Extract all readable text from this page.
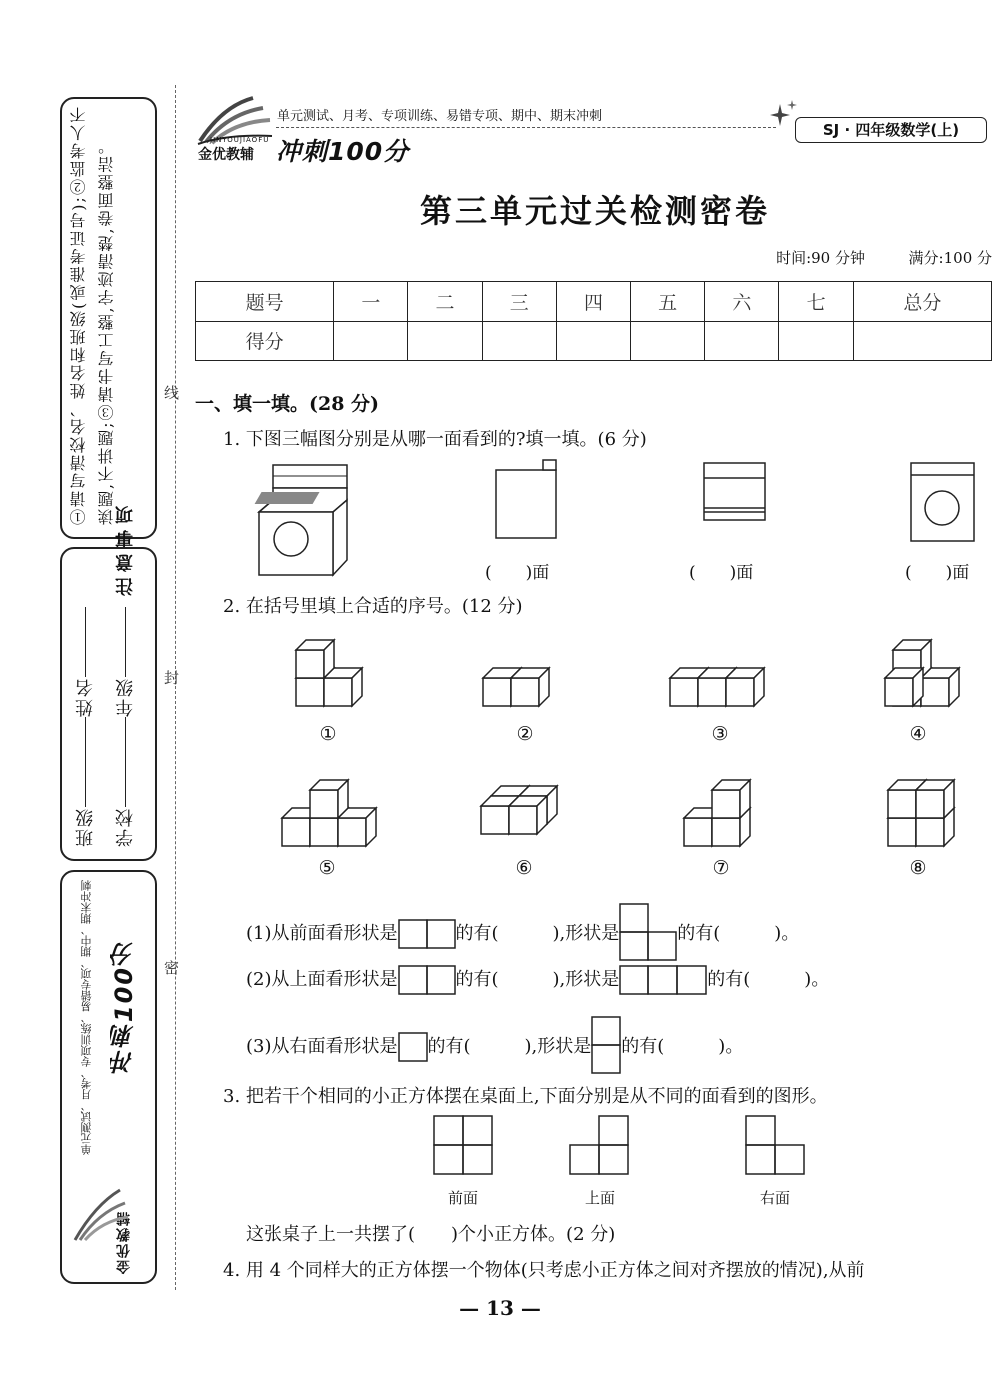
注意事项
①请写清校名、姓名和班级(或准考证号);②监考人不读题,不讲题;③请书写工整,字迹清楚,卷面整洁。
学校年级
班级姓名
冲刺100分
单元测试、月考、专项训练、易错专项、期中、期末冲刺
金优教辅
线
封
密
JINYOUJIAOFU
金优教辅
单元测试、月考、专项训练、易错专项、期中、期末冲刺
冲刺100分
SJ · 四年级数学(上)
第三单元过关检测密卷
时间:90 分钟	满分:100 分
题号	一	二	三	四	五	六	七	总分
得分								
一、填一填。(28 分)
1. 下图三幅图分别是从哪一面看到的?填一填。(6 分)
(　　)面	(　　)面	(　　)面
2. 在括号里填上合适的序号。(12 分)
①	②	③	④
⑤	⑥	⑦	⑧
(1)从前面看形状是	的有(　　　),形状是	的有(　　　)。
(2)从上面看形状是	的有(　　　),形状是	的有(　　　)。
(3)从右面看形状是 的有(　　　),形状是 的有(　　　)。
3. 把若干个相同的小正方体摆在桌面上,下面分别是从不同的面看到的图形。
前面	上面	右面
这张桌子上一共摆了(　　)个小正方体。(2 分)
4. 用 4 个同样大的正方体摆一个物体(只考虑小正方体之间对齐摆放的情况),从前
— 13 —
